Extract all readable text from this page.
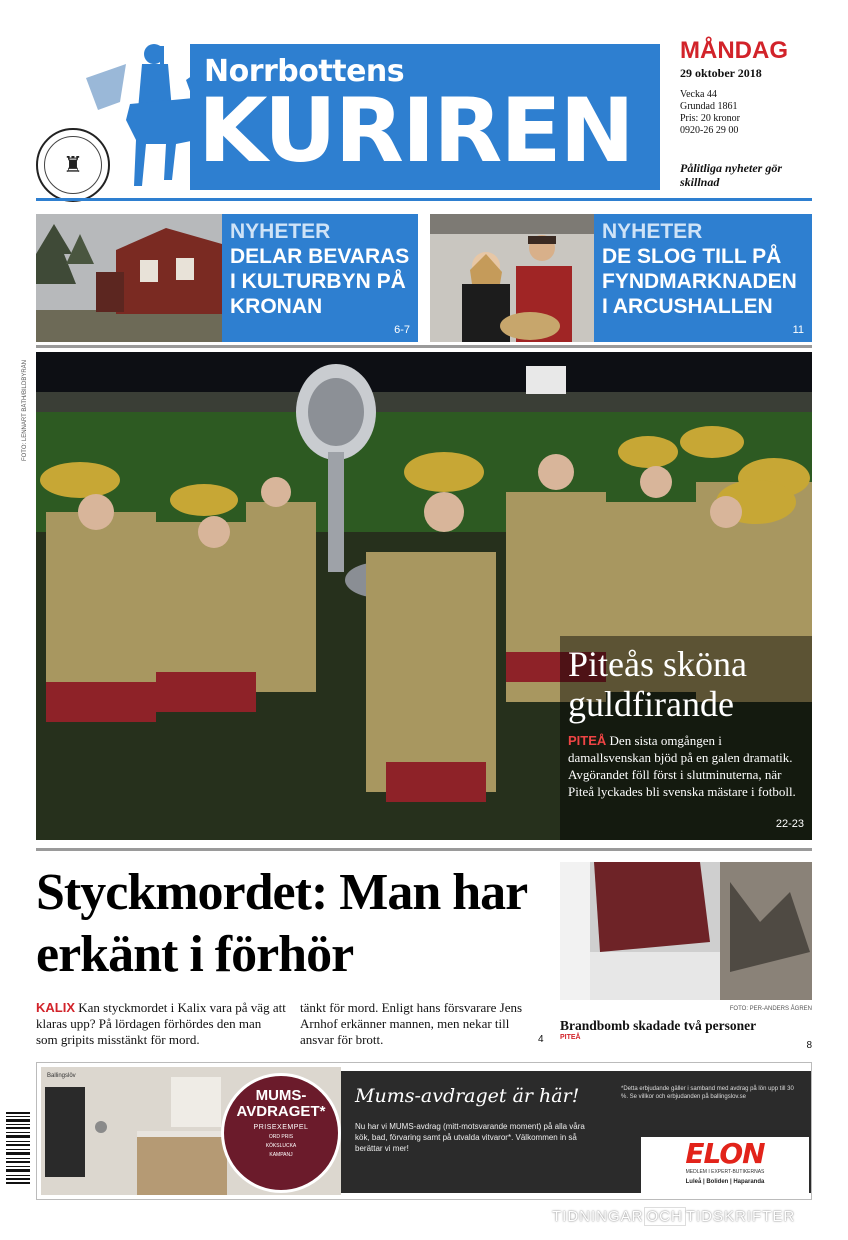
♜
Norrbottens
KURIREN
MÅNDAG
29 oktober 2018
Vecka 44
Grundad 1861
Pris: 20 kronor
0920-26 29 00
Pålitliga nyheter gör skillnad
NYHETER
DELAR BEVARAS I KULTURBYN PÅ KRONAN
6-7
NYHETER
DE SLOG TILL PÅ FYNDMARKNADEN I ARCUSHALLEN
11
FOTO: LENNART BÅTH/BILDBYRÅN
Piteås sköna guldfirande
PITEÅ Den sista omgången i damallsvenskan bjöd på en galen dramatik. Avgörandet föll först i slutminuterna, när Piteå lyckades bli svenska mästare i fotboll.
22-23
Styckmordet: Man har erkänt i förhör
KALIX Kan styckmordet i Kalix vara på väg att klaras upp? På lördagen förhördes den man som gripits misstänkt för mord.
tänkt för mord. Enligt hans försvarare Jens Arnhof erkänner mannen, men nekar till ansvar för brott.	4
FOTO: PER-ANDERS ÅGREN
Brandbomb skadade två personer
PITEÅ
8
Ballingslöv
MUMS-AVDRAGET*
PRISEXEMPEL
ORD PRIS
KÖKSLUCKA
KAMPANJ
Mums-avdraget är här!
Nu har vi MUMS-avdrag (mitt-motsvarande moment) på alla våra kök, bad, förvaring samt på utvalda vitvaror*. Välkommen in så berättar vi mer!
*Detta erbjudande gäller i samband med avdrag på lön upp till 30 %. Se villkor och erbjudanden på ballingslov.se
ELON
MEDLEM I EXPERT-BUTIKERNAS
Luleå | Boliden | Haparanda
TIDNINGAR OCH TIDSKRIFTER
